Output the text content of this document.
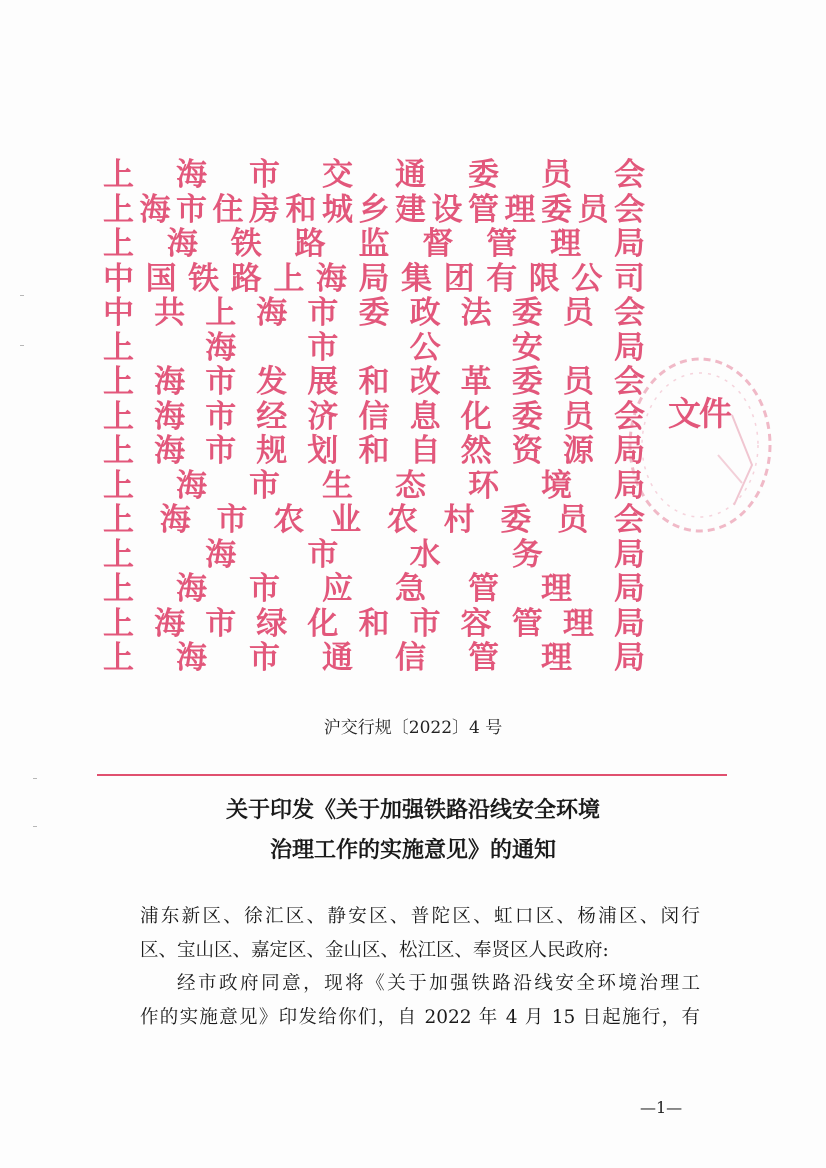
上 海 市 交 通 委 员 会
上 海 市 住 房 和 城 乡 建 设 管 理 委 员 会
上 海 铁 路 监 督 管 理 局
中 国 铁 路 上 海 局 集 团 有 限 公 司
中 共 上 海 市 委 政 法 委 员 会
上 海 市 公 安 局
上 海 市 发 展 和 改 革 委 员 会
上 海 市 经 济 信 息 化 委 员 会
上 海 市 规 划 和 自 然 资 源 局
上 海 市 生 态 环 境 局
上 海 市 农 业 农 村 委 员 会
上 海 市 水 务 局
上 海 市 应 急 管 理 局
上 海 市 绿 化 和 市 容 管 理 局
上 海 市 通 信 管 理 局
文件
沪交行规〔2022〕4 号
关于印发《关于加强铁路沿线安全环境
治理工作的实施意见》的通知

浦东新区、徐汇区、静安区、普陀区、虹口区、杨浦区、闵行

区、宝山区、嘉定区、金山区、松江区、奉贤区人民政府:

经市政府同意，现将《关于加强铁路沿线安全环境治理工

作的实施意见》印发给你们，自 2022 年 4 月 15 日起施行，有

—1—
